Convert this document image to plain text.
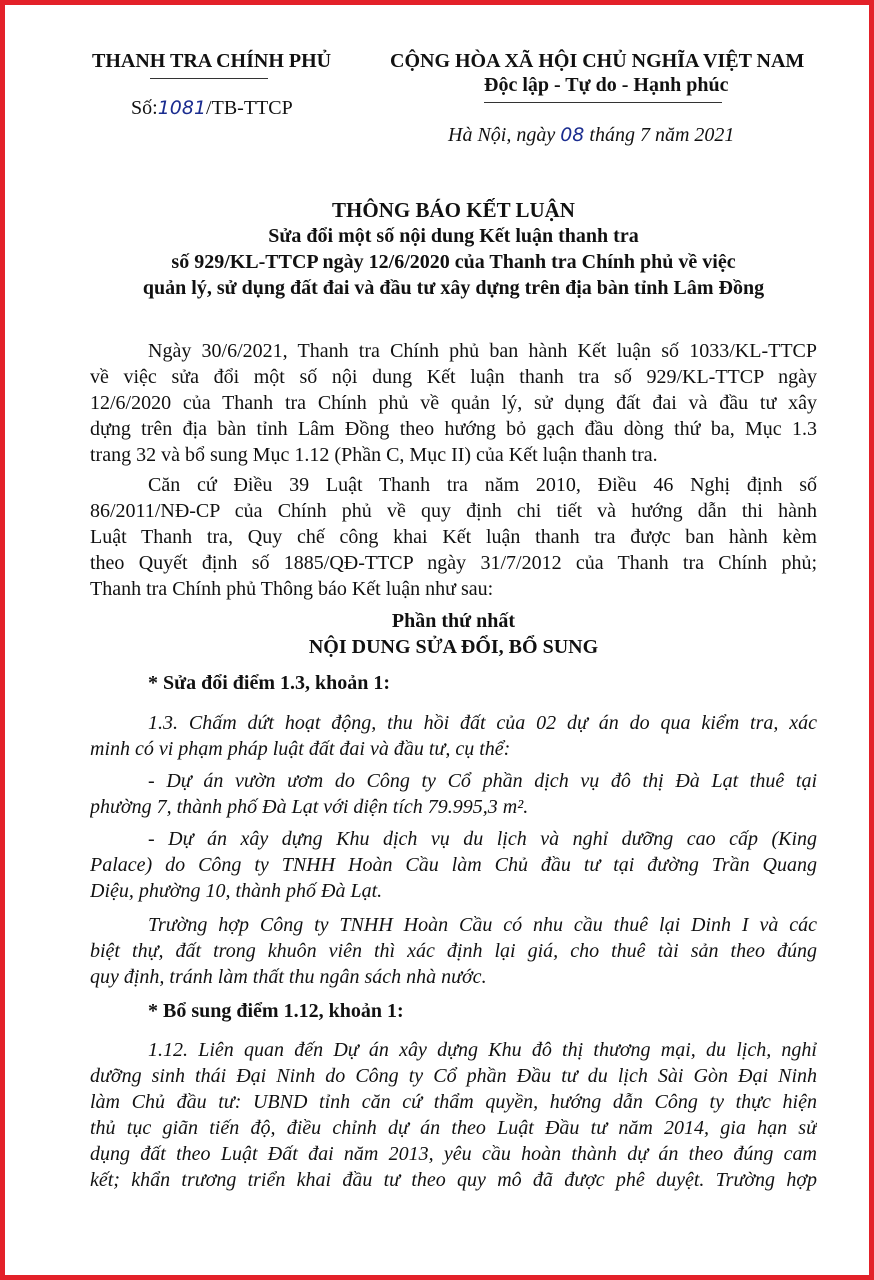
THANH TRA CHÍNH PHỦ
Số:1081/TB-TTCP
CỘNG HÒA XÃ HỘI CHỦ NGHĨA VIỆT NAM
Độc lập - Tự do - Hạnh phúc
Hà Nội, ngày 08 tháng 7 năm 2021
THÔNG BÁO KẾT LUẬN
Sửa đổi một số nội dung Kết luận thanh tra
số 929/KL-TTCP ngày 12/6/2020 của Thanh tra Chính phủ về việc
quản lý, sử dụng đất đai và đầu tư xây dựng trên địa bàn tỉnh Lâm Đồng
Ngày 30/6/2021, Thanh tra Chính phủ ban hành Kết luận số 1033/KL-TTCP
về việc sửa đổi một số nội dung Kết luận thanh tra số 929/KL-TTCP ngày
12/6/2020 của Thanh tra Chính phủ về quản lý, sử dụng đất đai và đầu tư xây
dựng trên địa bàn tỉnh Lâm Đồng theo hướng bỏ gạch đầu dòng thứ ba, Mục 1.3
trang 32 và bổ sung Mục 1.12 (Phần C, Mục II) của Kết luận thanh tra.
Căn cứ Điều 39 Luật Thanh tra năm 2010, Điều 46 Nghị định số
86/2011/NĐ-CP của Chính phủ về quy định chi tiết và hướng dẫn thi hành
Luật Thanh tra, Quy chế công khai Kết luận thanh tra được ban hành kèm
theo Quyết định số 1885/QĐ-TTCP ngày 31/7/2012 của Thanh tra Chính phủ;
Thanh tra Chính phủ Thông báo Kết luận như sau:
Phần thứ nhất
NỘI DUNG SỬA ĐỔI, BỔ SUNG
* Sửa đổi điểm 1.3, khoản 1:
1.3. Chấm dứt hoạt động, thu hồi đất của 02 dự án do qua kiểm tra, xác
minh có vi phạm pháp luật đất đai và đầu tư, cụ thể:
- Dự án vườn ươm do Công ty Cổ phần dịch vụ đô thị Đà Lạt thuê tại
phường 7, thành phố Đà Lạt với diện tích 79.995,3 m².
- Dự án xây dựng Khu dịch vụ du lịch và nghỉ dưỡng cao cấp (King
Palace) do Công ty TNHH Hoàn Cầu làm Chủ đầu tư tại đường Trần Quang
Diệu, phường 10, thành phố Đà Lạt.
Trường hợp Công ty TNHH Hoàn Cầu có nhu cầu thuê lại Dinh I và các
biệt thự, đất trong khuôn viên thì xác định lại giá, cho thuê tài sản theo đúng
quy định, tránh làm thất thu ngân sách nhà nước.
* Bổ sung điểm 1.12, khoản 1:
1.12. Liên quan đến Dự án xây dựng Khu đô thị thương mại, du lịch, nghỉ
dưỡng sinh thái Đại Ninh do Công ty Cổ phần Đầu tư du lịch Sài Gòn Đại Ninh
làm Chủ đầu tư: UBND tỉnh căn cứ thẩm quyền, hướng dẫn Công ty thực hiện
thủ tục giãn tiến độ, điều chỉnh dự án theo Luật Đầu tư năm 2014, gia hạn sử
dụng đất theo Luật Đất đai năm 2013, yêu cầu hoàn thành dự án theo đúng cam
kết; khẩn trương triển khai đầu tư theo quy mô đã được phê duyệt. Trường hợp
